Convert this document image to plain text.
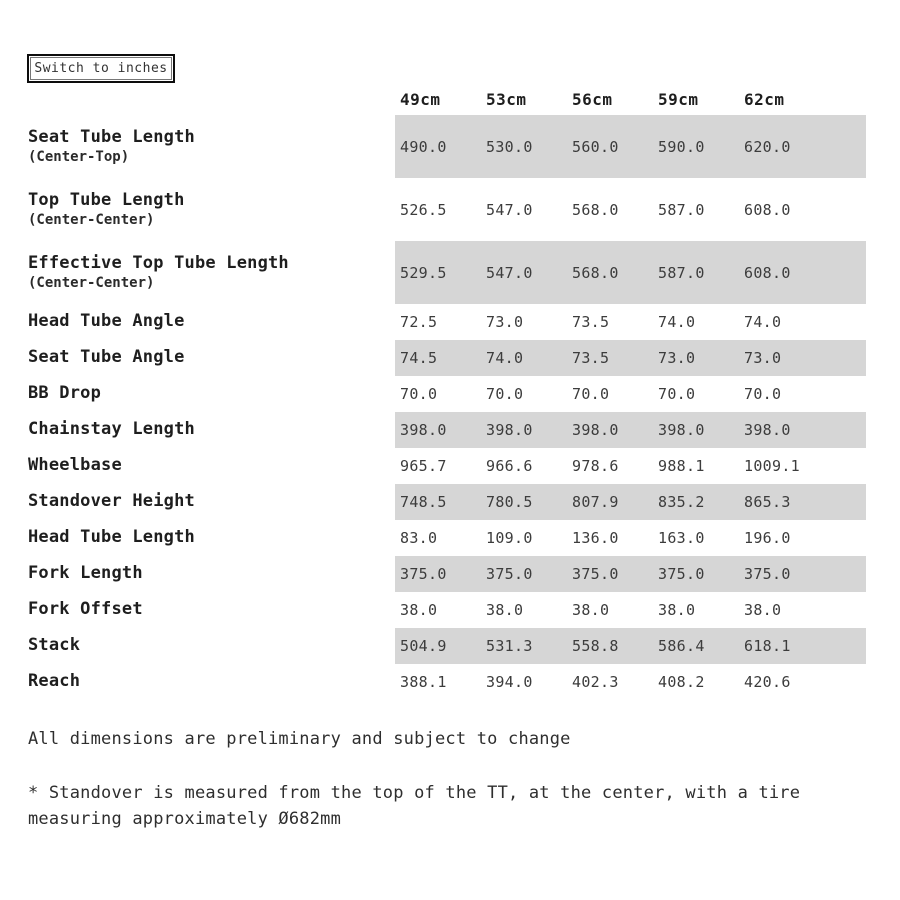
Switch to inches
49cm	53cm	56cm	59cm	62cm
Seat Tube Length
(Center-Top)
490.0	530.0	560.0	590.0	620.0
Top Tube Length
(Center-Center)
526.5	547.0	568.0	587.0	608.0
Effective Top Tube Length
(Center-Center)
529.5	547.0	568.0	587.0	608.0
Head Tube Angle	72.5	73.0	73.5	74.0	74.0
Seat Tube Angle	74.5	74.0	73.5	73.0	73.0
BB Drop	70.0	70.0	70.0	70.0	70.0
Chainstay Length	398.0	398.0	398.0	398.0	398.0
Wheelbase	965.7	966.6	978.6	988.1	1009.1
Standover Height	748.5	780.5	807.9	835.2	865.3
Head Tube Length	83.0	109.0	136.0	163.0	196.0
Fork Length	375.0	375.0	375.0	375.0	375.0
Fork Offset	38.0	38.0	38.0	38.0	38.0
Stack	504.9	531.3	558.8	586.4	618.1
Reach	388.1	394.0	402.3	408.2	420.6
All dimensions are preliminary and subject to change
* Standover is measured from the top of the TT, at the center, with a tire measuring approximately Ø682mm
